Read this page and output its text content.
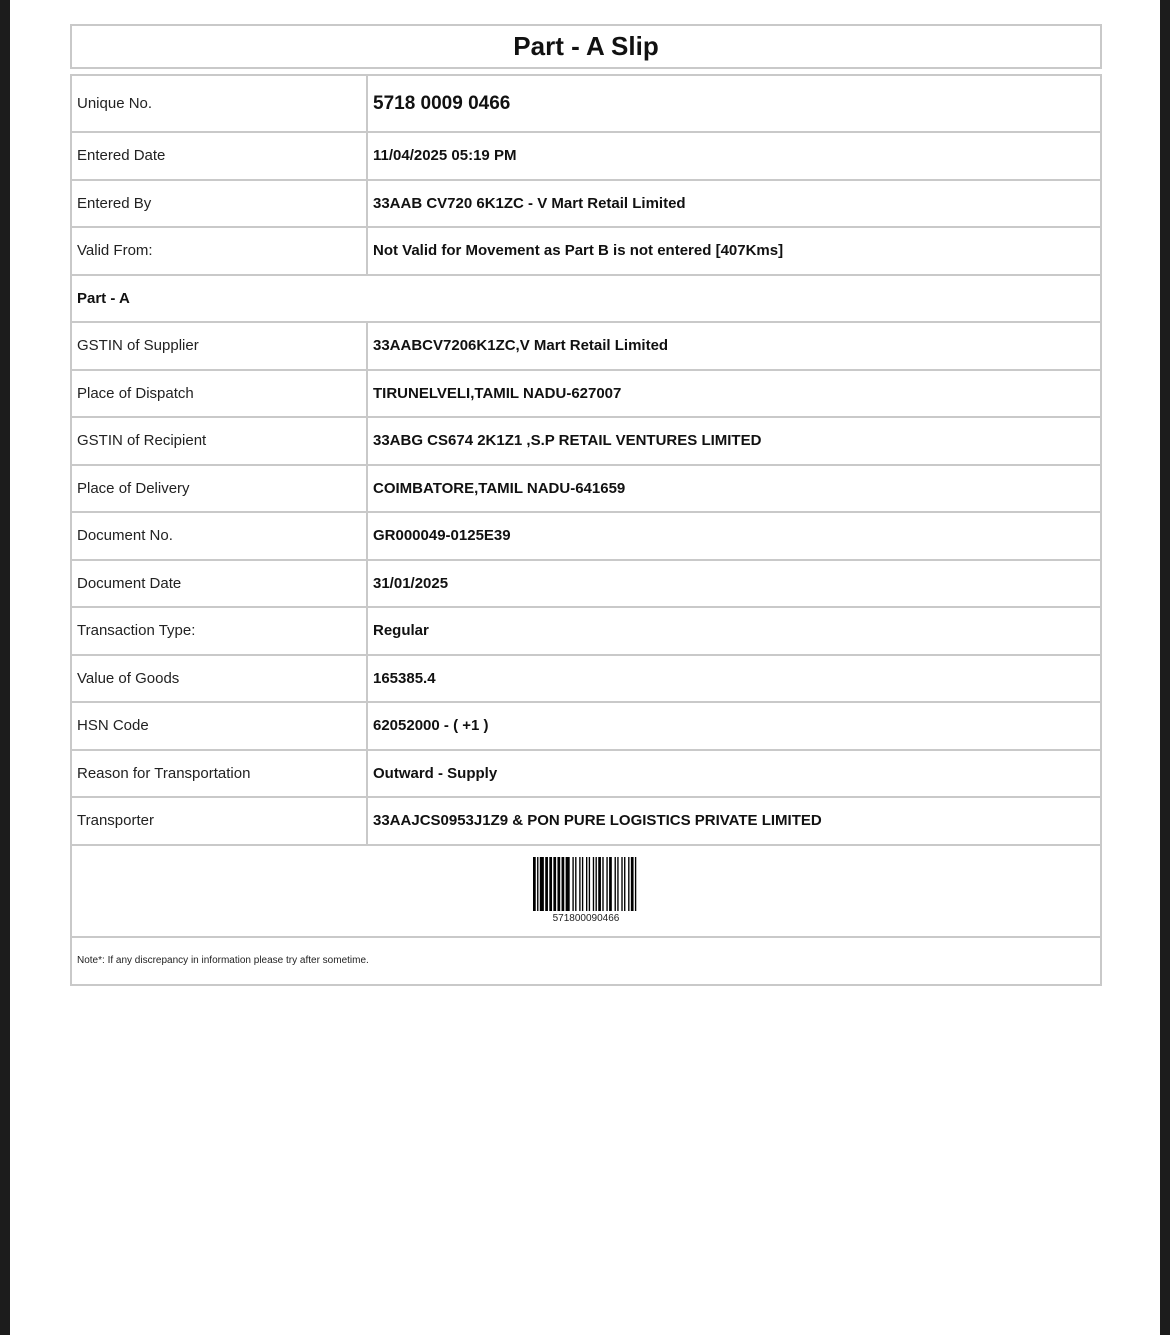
Part - A Slip
Unique No.	5718 0009 0466
Entered Date	11/04/2025 05:19 PM
Entered By	33AAB CV720 6K1ZC - V Mart Retail Limited
Valid From:	Not Valid for Movement as Part B is not entered [407Kms]
Part - A
GSTIN of Supplier	33AABCV7206K1ZC,V Mart Retail Limited
Place of Dispatch	TIRUNELVELI,TAMIL NADU-627007
GSTIN of Recipient	33ABG CS674 2K1Z1 ,S.P RETAIL VENTURES LIMITED
Place of Delivery	COIMBATORE,TAMIL NADU-641659
Document No.	GR000049-0125E39
Document Date	31/01/2025
Transaction Type:	Regular
Value of Goods	165385.4
HSN Code	62052000 - ( +1 )
Reason for Transportation	Outward - Supply
Transporter	33AAJCS0953J1Z9 & PON PURE LOGISTICS PRIVATE LIMITED
571800090466
Note*: If any discrepancy in information please try after sometime.
